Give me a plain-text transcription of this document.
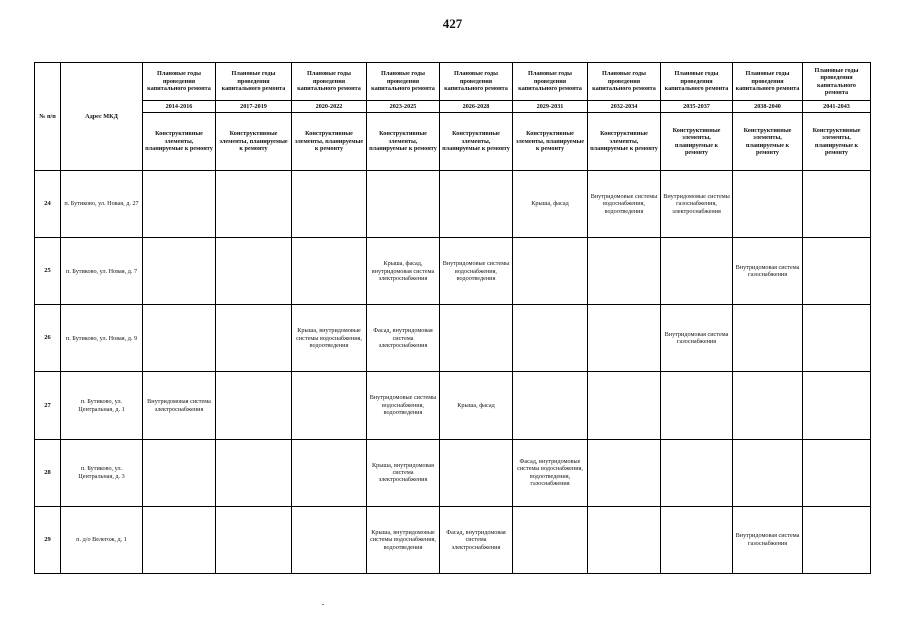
427
№ п/п	Адрес МКД	Плановые годы проведения капитального ремонта	Плановые годы проведения капитального ремонта	Плановые годы проведения капитального ремонта	Плановые годы проведения капитального ремонта	Плановые годы проведения капитального ремонта	Плановые годы проведения капитального ремонта	Плановые годы проведения капитального ремонта	Плановые годы проведения капитального ремонта	Плановые годы проведения капитального ремонта	Плановые годы проведения капитального ремонта
		2014-2016	2017-2019	2020-2022	2023-2025	2026-2028	2029-2031	2032-2034	2035-2037	2038-2040	2041-2043
		Конструктивные элементы, планируемые к ремонту	Конструктивные элементы, планируемые к ремонту	Конструктивные элементы, планируемые к ремонту	Конструктивные элементы, планируемые к ремонту	Конструктивные элементы, планируемые к ремонту	Конструктивные элементы, планируемые к ремонту	Конструктивные элементы, планируемые к ремонту	Конструктивные элементы, планируемые к ремонту	Конструктивные элементы, планируемые к ремонту	Конструктивные элементы, планируемые к ремонту
24	п. Бутиково, ул. Новая, д. 27						Крыша, фасад	Внутридомовые системы водоснабжения, водоотведения	Внутридомовые системы газоснабжения, электроснабжения		
25	п. Бутиково, ул. Новая, д. 7				Крыша, фасад, внутридомовая система электроснабжения	Внутридомовые системы водоснабжения, водоотведения				Внутридомовая система газоснабжения	
26	п. Бутиково, ул. Новая, д. 9			Крыша, внутридомовые системы водоснабжения, водоотведения	Фасад, внутридомовая система электроснабжения				Внутридомовая система газоснабжения		
27	п. Бутиково, ул. Центральная, д. 1	Внутридомовая система электроснабжения			Внутридомовые системы водоснабжения, водоотведения	Крыша, фасад					
28	п. Бутиково, ул. Центральная, д. 3				Крыша, внутридомовая система электроснабжения		Фасад, внутридомовые системы водоснабжения, водоотведения, газоснабжения				
29	п. д/о Велегож, д. 1				Крыша, внутридомовые системы водоснабжения, водоотведения	Фасад, внутридомовая система электроснабжения				Внутридомовая система газоснабжения	
